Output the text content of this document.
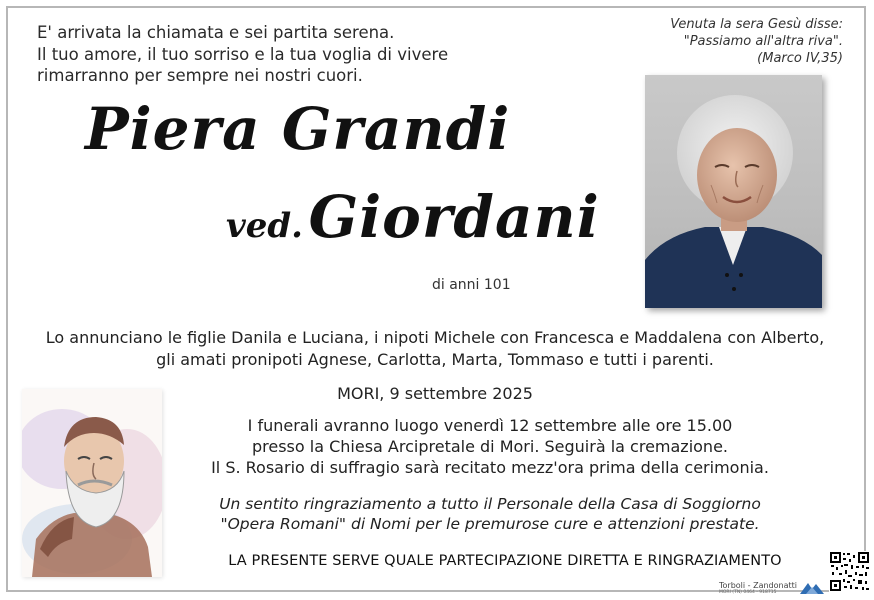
E' arrivata la chiamata e sei partita serena.
Il tuo amore, il tuo sorriso e la tua voglia di vivere
rimarranno per sempre nei nostri cuori.
Venuta la sera Gesù disse:
"Passiamo all'altra riva".
(Marco IV,35)
Piera Grandi
ved. Giordani
di anni 101
Lo annunciano le figlie Danila e Luciana, i nipoti Michele con Francesca e Maddalena con Alberto,
gli amati pronipoti Agnese, Carlotta, Marta, Tommaso e tutti i parenti.
MORI, 9 settembre 2025
I funerali avranno luogo venerdì 12 settembre alle ore 15.00
presso la Chiesa Arcipretale di Mori. Seguirà la cremazione.
Il S. Rosario di suffragio sarà recitato mezz'ora prima della cerimonia.
Un sentito ringraziamento a tutto il Personale della Casa di Soggiorno
"Opera Romani" di Nomi per le premurose cure e attenzioni prestate.
LA PRESENTE SERVE QUALE PARTECIPAZIONE DIRETTA E RINGRAZIAMENTO
Torboli - Zandonatti
MORI (TN) 0464 - 918715
